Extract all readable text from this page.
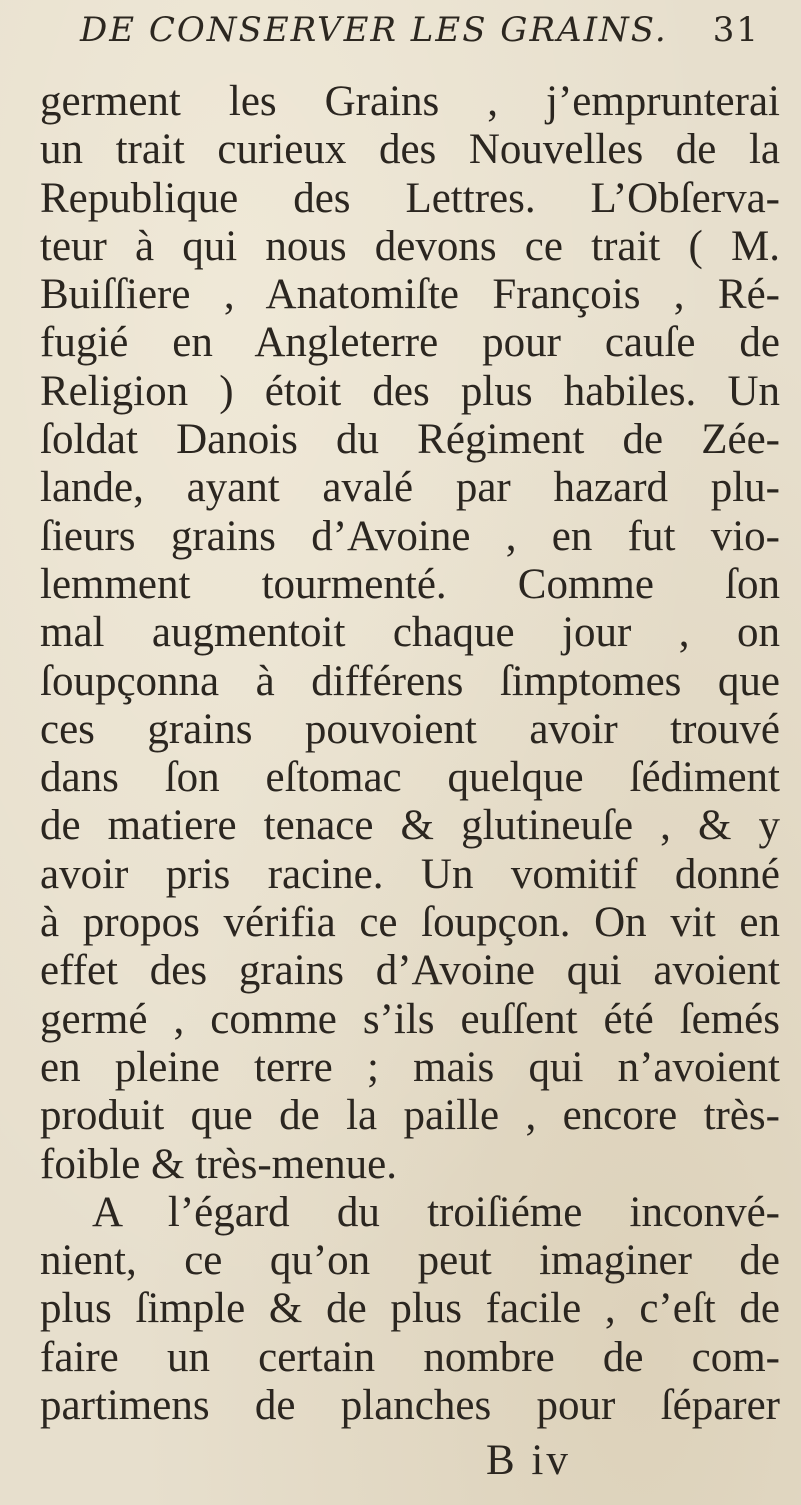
DE CONSERVER LES GRAINS. 31
germent les Grains , j’emprunterai
un trait curieux des Nouvelles de la
Republique des Lettres. L’Obſerva-
teur à qui nous devons ce trait ( M.
Buiſſiere , Anatomiſte François , Ré-
fugié en Angleterre pour cauſe de
Religion ) étoit des plus habiles. Un
ſoldat Danois du Régiment de Zée-
lande, ayant avalé par hazard plu-
ſieurs grains d’Avoine , en fut vio-
lemment tourmenté. Comme ſon
mal augmentoit chaque jour , on
ſoupçonna à différens ſimptomes que
ces grains pouvoient avoir trouvé
dans ſon eſtomac quelque ſédiment
de matiere tenace & glutineuſe , & y
avoir pris racine. Un vomitif donné
à propos vérifia ce ſoupçon. On vit en
effet des grains d’Avoine qui avoient
germé , comme s’ils euſſent été ſemés
en pleine terre ; mais qui n’avoient
produit que de la paille , encore très-
foible & très-menue.
A l’égard du troiſiéme inconvé-
nient, ce qu’on peut imaginer de
plus ſimple & de plus facile , c’eſt de
faire un certain nombre de com-
partimens de planches pour ſéparer
B iv
